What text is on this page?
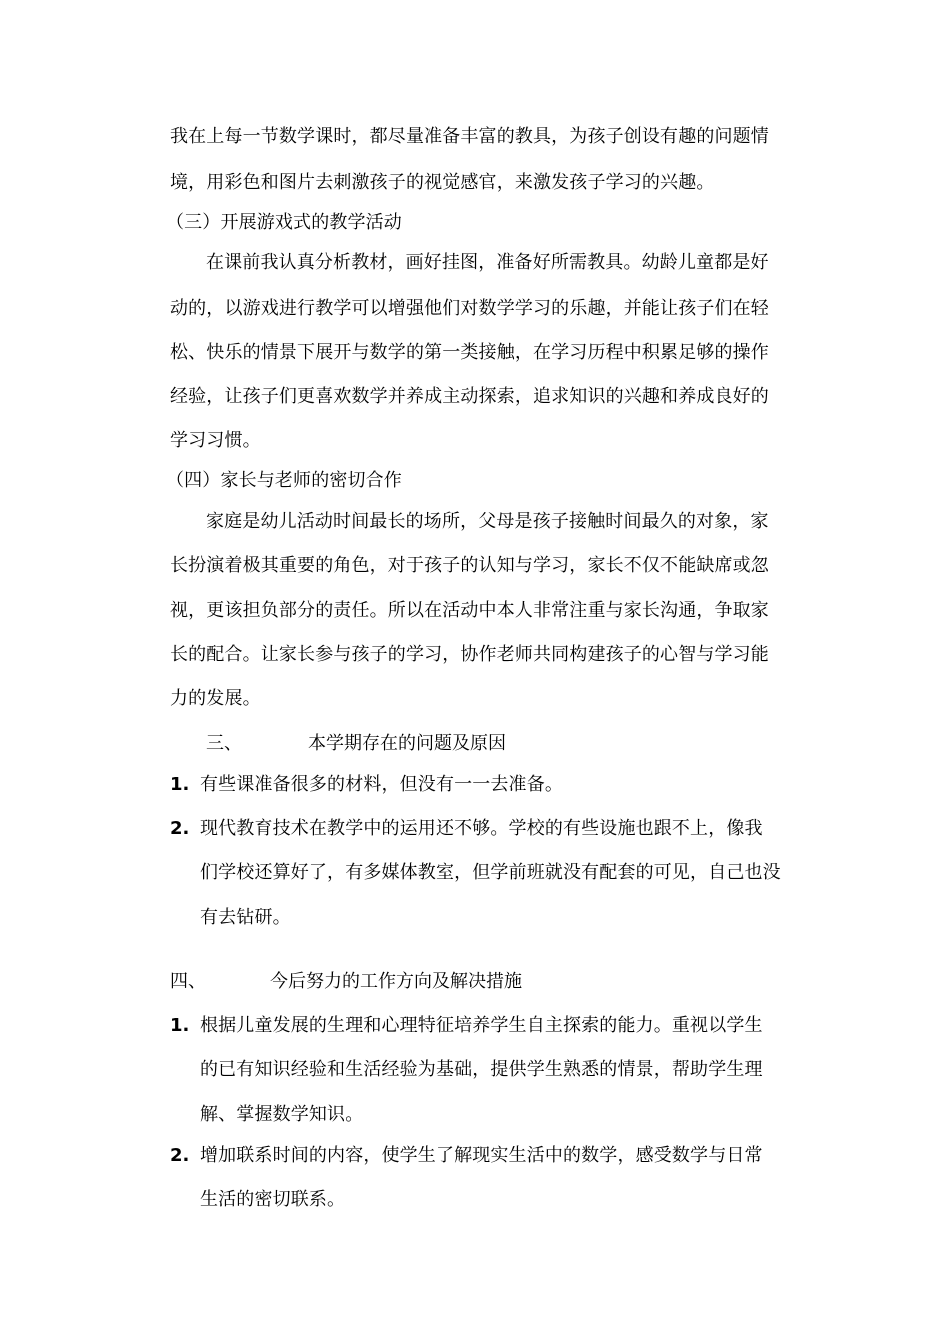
我在上每一节数学课时，都尽量准备丰富的教具，为孩子创设有趣的问题情
境，用彩色和图片去刺激孩子的视觉感官，来激发孩子学习的兴趣。
（三）开展游戏式的教学活动
在课前我认真分析教材，画好挂图，准备好所需教具。幼龄儿童都是好
动的，以游戏进行教学可以增强他们对数学学习的乐趣，并能让孩子们在轻
松、快乐的情景下展开与数学的第一类接触，在学习历程中积累足够的操作
经验，让孩子们更喜欢数学并养成主动探索，追求知识的兴趣和养成良好的
学习习惯。
（四）家长与老师的密切合作
家庭是幼儿活动时间最长的场所，父母是孩子接触时间最久的对象，家
长扮演着极其重要的角色，对于孩子的认知与学习，家长不仅不能缺席或忽
视，更该担负部分的责任。所以在活动中本人非常注重与家长沟通，争取家
长的配合。让家长参与孩子的学习，协作老师共同构建孩子的心智与学习能
力的发展。
三、	本学期存在的问题及原因
1. 有些课准备很多的材料，但没有一一去准备。
2. 现代教育技术在教学中的运用还不够。学校的有些设施也跟不上，像我
们学校还算好了，有多媒体教室，但学前班就没有配套的可见，自己也没
有去钻研。
四、	今后努力的工作方向及解决措施
1. 根据儿童发展的生理和心理特征培养学生自主探索的能力。重视以学生
的已有知识经验和生活经验为基础，提供学生熟悉的情景，帮助学生理
解、掌握数学知识。
2. 增加联系时间的内容，使学生了解现实生活中的数学，感受数学与日常
生活的密切联系。
